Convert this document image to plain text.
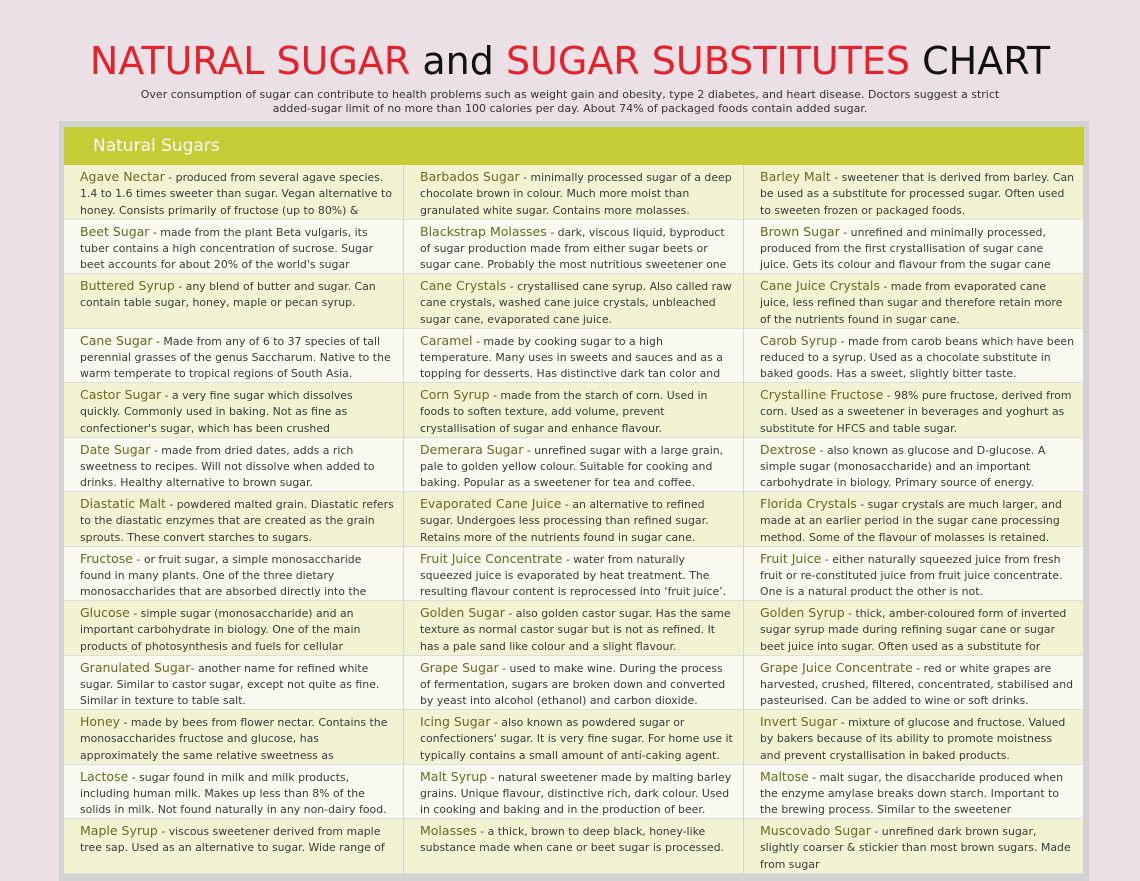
NATURAL SUGAR and SUGAR SUBSTITUTES CHART
Over consumption of sugar can contribute to health problems such as weight gain and obesity, type 2 diabetes, and heart disease. Doctors suggest a strict added-sugar limit of no more than 100 calories per day. About 74% of packaged foods contain added sugar.
Natural Sugars
Agave Nectar - produced from several agave species. 1.4 to 1.6 times sweeter than sugar. Vegan alternative to honey. Consists primarily of fructose (up to 80%) &
Barbados Sugar - minimally processed sugar of a deep chocolate brown in colour. Much more moist than granulated white sugar. Contains more molasses.
Barley Malt - sweetener that is derived from barley. Can be used as a substitute for processed sugar. Often used to sweeten frozen or packaged foods.
Beet Sugar - made from the plant Beta vulgaris, its tuber contains a high concentration of sucrose. Sugar beet accounts for about 20% of the world's sugar
Blackstrap Molasses - dark, viscous liquid, byproduct of sugar production made from either sugar beets or sugar cane. Probably the most nutritious sweetener one
Brown Sugar - unrefined and minimally processed, produced from the first crystallisation of sugar cane juice. Gets its colour and flavour from the sugar cane
Buttered Syrup - any blend of butter and sugar. Can contain table sugar, honey, maple or pecan syrup.
Cane Crystals - crystallised cane syrup. Also called raw cane crystals, washed cane juice crystals, unbleached sugar cane, evaporated cane juice.
Cane Juice Crystals - made from evaporated cane juice, less refined than sugar and therefore retain more of the nutrients found in sugar cane.
Cane Sugar - Made from any of 6 to 37 species of tall perennial grasses of the genus Saccharum. Native to the warm temperate to tropical regions of South Asia.
Caramel - made by cooking sugar to a high temperature. Many uses in sweets and sauces and as a topping for desserts. Has distinctive dark tan color and
Carob Syrup - made from carob beans which have been reduced to a syrup. Used as a chocolate substitute in baked goods. Has a sweet, slightly bitter taste.
Castor Sugar - a very fine sugar which dissolves quickly. Commonly used in baking. Not as fine as confectioner's sugar, which has been crushed
Corn Syrup - made from the starch of corn. Used in foods to soften texture, add volume, prevent crystallisation of sugar and enhance flavour.
Crystalline Fructose - 98% pure fructose, derived from corn. Used as a sweetener in beverages and yoghurt as substitute for HFCS and table sugar.
Date Sugar - made from dried dates, adds a rich sweetness to recipes. Will not dissolve when added to drinks. Healthy alternative to brown sugar.
Demerara Sugar - unrefined sugar with a large grain, pale to golden yellow colour. Suitable for cooking and baking. Popular as a sweetener for tea and coffee.
Dextrose - also known as glucose and D-glucose. A simple sugar (monosaccharide) and an important carbohydrate in biology. Primary source of energy.
Diastatic Malt - powdered malted grain. Diastatic refers to the diastatic enzymes that are created as the grain sprouts. These convert starches to sugars.
Evaporated Cane Juice - an alternative to refined sugar. Undergoes less processing than refined sugar. Retains more of the nutrients found in sugar cane.
Florida Crystals - sugar crystals are much larger, and made at an earlier period in the sugar cane processing method. Some of the flavour of molasses is retained.
Fructose - or fruit sugar, a simple monosaccharide found in many plants. One of the three dietary monosaccharides that are absorbed directly into the
Fruit Juice Concentrate - water from naturally squeezed juice is evaporated by heat treatment. The resulting flavour content is reprocessed into ‘fruit juice’.
Fruit Juice - either naturally squeezed juice from fresh fruit or re-constituted juice from fruit juice concentrate. One is a natural product the other is not.
Glucose - simple sugar (monosaccharide) and an important carbohydrate in biology. One of the main products of photosynthesis and fuels for cellular
Golden Sugar - also golden castor sugar. Has the same texture as normal castor sugar but is not as refined. It has a pale sand like colour and a slight flavour.
Golden Syrup - thick, amber-coloured form of inverted sugar syrup made during refining sugar cane or sugar beet juice into sugar. Often used as a substitute for
Granulated Sugar- another name for refined white sugar. Similar to castor sugar, except not quite as fine. Similar in texture to table salt.
Grape Sugar - used to make wine. During the process of fermentation, sugars are broken down and converted by yeast into alcohol (ethanol) and carbon dioxide.
Grape Juice Concentrate - red or white grapes are harvested, crushed, filtered, concentrated, stabilised and pasteurised. Can be added to wine or soft drinks.
Honey - made by bees from flower nectar. Contains the monosaccharides fructose and glucose, has approximately the same relative sweetness as
Icing Sugar - also known as powdered sugar or confectioners' sugar. It is very fine sugar. For home use it typically contains a small amount of anti-caking agent.
Invert Sugar - mixture of glucose and fructose. Valued by bakers because of its ability to promote moistness and prevent crystallisation in baked products.
Lactose - sugar found in milk and milk products, including human milk. Makes up less than 8% of the solids in milk. Not found naturally in any non-dairy food.
Malt Syrup - natural sweetener made by malting barley grains. Unique flavour, distinctive rich, dark colour. Used in cooking and baking and in the production of beer.
Maltose - malt sugar, the disaccharide produced when the enzyme amylase breaks down starch. Important to the brewing process. Similar to the sweetener
Maple Syrup - viscous sweetener derived from maple tree sap. Used as an alternative to sugar. Wide range of
Molasses - a thick, brown to deep black, honey-like substance made when cane or beet sugar is processed.
Muscovado Sugar - unrefined dark brown sugar, slightly coarser & stickier than most brown sugars. Made from sugar
